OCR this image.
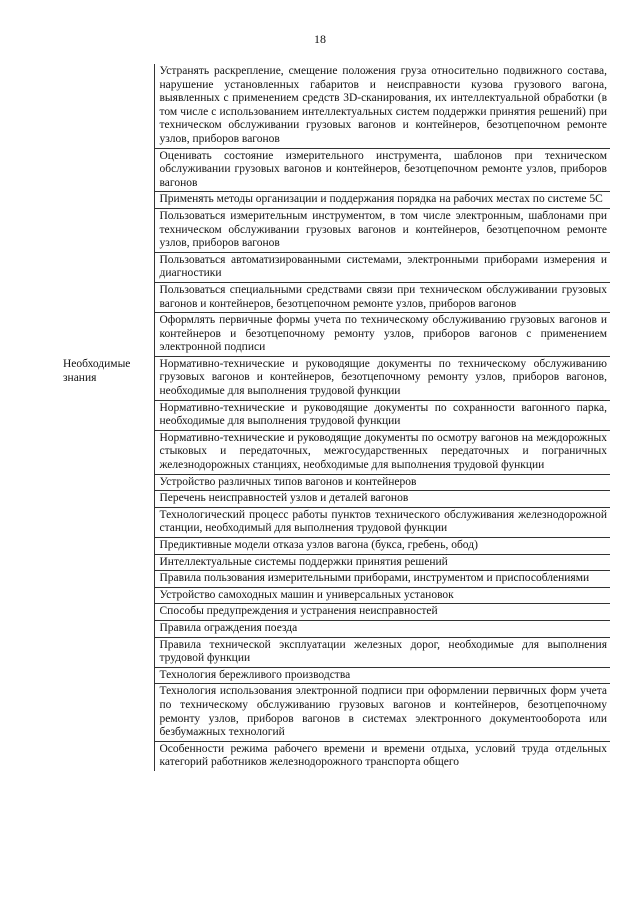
18
	Устранять раскрепление, смещение положения груза относительно подвижного состава, нарушение установленных габаритов и неисправности кузова грузового вагона, выявленных с применением средств 3D-сканирования, их интеллектуальной обработки (в том числе с использованием интеллектуальных систем поддержки принятия решений) при техническом обслуживании грузовых вагонов и контейнеров, безотцепочном ремонте узлов, приборов вагонов
	Оценивать состояние измерительного инструмента, шаблонов при техническом обслуживании грузовых вагонов и контейнеров, безотцепочном ремонте узлов, приборов вагонов
	Применять методы организации и поддержания порядка на рабочих местах по системе 5С
	Пользоваться измерительным инструментом, в том числе электронным, шаблонами при техническом обслуживании грузовых вагонов и контейнеров, безотцепочном ремонте узлов, приборов вагонов
	Пользоваться автоматизированными системами, электронными приборами измерения и диагностики
	Пользоваться специальными средствами связи при техническом обслуживании грузовых вагонов и контейнеров, безотцепочном ремонте узлов, приборов вагонов
	Оформлять первичные формы учета по техническому обслуживанию грузовых вагонов и контейнеров и безотцепочному ремонту узлов, приборов вагонов с применением электронной подписи

Необходимые знания	Нормативно-технические и руководящие документы по техническому обслуживанию грузовых вагонов и контейнеров, безотцепочному ремонту узлов, приборов вагонов, необходимые для выполнения трудовой функции
	Нормативно-технические и руководящие документы по сохранности вагонного парка, необходимые для выполнения трудовой функции
	Нормативно-технические и руководящие документы по осмотру вагонов на междорожных стыковых и передаточных, межгосударственных передаточных и пограничных железнодорожных станциях, необходимые для выполнения трудовой функции
	Устройство различных типов вагонов и контейнеров
	Перечень неисправностей узлов и деталей вагонов
	Технологический процесс работы пунктов технического обслуживания железнодорожной станции, необходимый для выполнения трудовой функции
	Предиктивные модели отказа узлов вагона (букса, гребень, обод)
	Интеллектуальные системы поддержки принятия решений
	Правила пользования измерительными приборами, инструментом и приспособлениями
	Устройство самоходных машин и универсальных установок
	Способы предупреждения и устранения неисправностей
	Правила ограждения поезда
	Правила технической эксплуатации железных дорог, необходимые для выполнения трудовой функции
	Технология бережливого производства
	Технология использования электронной подписи при оформлении первичных форм учета по техническому обслуживанию грузовых вагонов и контейнеров, безотцепочному ремонту узлов, приборов вагонов в системах электронного документооборота или безбумажных технологий
	Особенности режима рабочего времени и времени отдыха, условий труда отдельных категорий работников железнодорожного транспорта общего
